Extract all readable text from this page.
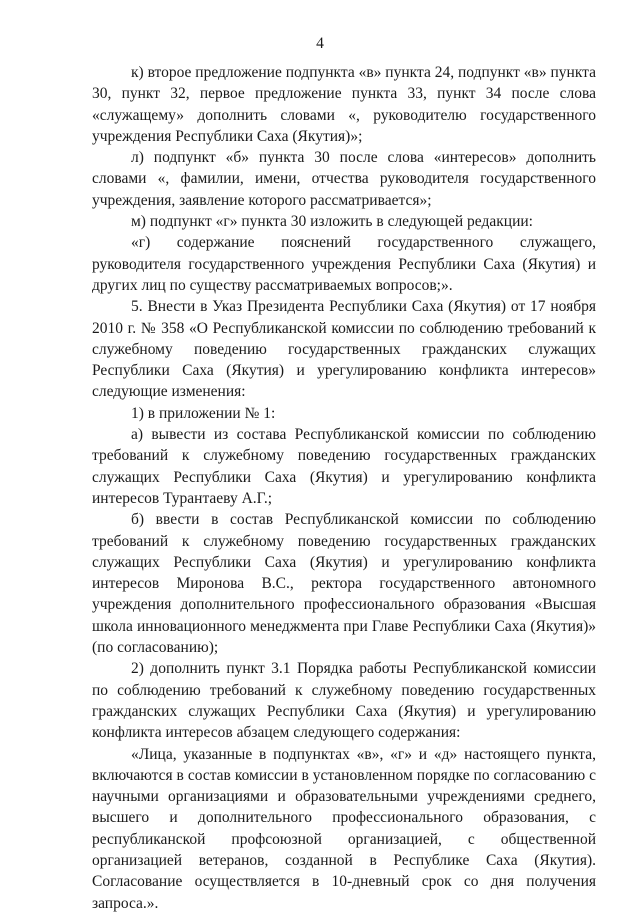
4

к) второе предложение подпункта «в» пункта 24, подпункт «в» пункта 30, пункт 32, первое предложение пункта 33, пункт 34 после слова «служащему» дополнить словами «, руководителю государственного учреждения Республики Саха (Якутия)»;

л) подпункт «б» пункта 30 после слова «интересов» дополнить словами «, фамилии, имени, отчества руководителя государственного учреждения, заявление которого рассматривается»;

м) подпункт «г» пункта 30 изложить в следующей редакции:

«г) содержание пояснений государственного служащего, руководителя государственного учреждения Республики Саха (Якутия) и других лиц по существу рассматриваемых вопросов;».

5. Внести в Указ Президента Республики Саха (Якутия) от 17 ноября 2010 г. № 358 «О Республиканской комиссии по соблюдению требований к служебному поведению государственных гражданских служащих Республики Саха (Якутия) и урегулированию конфликта интересов» следующие изменения:

1) в приложении № 1:

а) вывести из состава Республиканской комиссии по соблюдению требований к служебному поведению государственных гражданских служащих Республики Саха (Якутия) и урегулированию конфликта интересов Турантаеву А.Г.;

б) ввести в состав Республиканской комиссии по соблюдению требований к служебному поведению государственных гражданских служащих Республики Саха (Якутия) и урегулированию конфликта интересов Миронова В.С., ректора государственного автономного учреждения дополнительного профессионального образования «Высшая школа инновационного менеджмента при Главе Республики Саха (Якутия)» (по согласованию);

2) дополнить пункт 3.1 Порядка работы Республиканской комиссии по соблюдению требований к служебному поведению государственных гражданских служащих Республики Саха (Якутия) и урегулированию конфликта интересов абзацем следующего содержания:

«Лица, указанные в подпунктах «в», «г» и «д» настоящего пункта, включаются в состав комиссии в установленном порядке по согласованию с научными организациями и образовательными учреждениями среднего, высшего и дополнительного профессионального образования, с республиканской профсоюзной организацией, с общественной организацией ветеранов, созданной в Республике Саха (Якутия). Согласование осуществляется в 10-дневный срок со дня получения запроса.».
